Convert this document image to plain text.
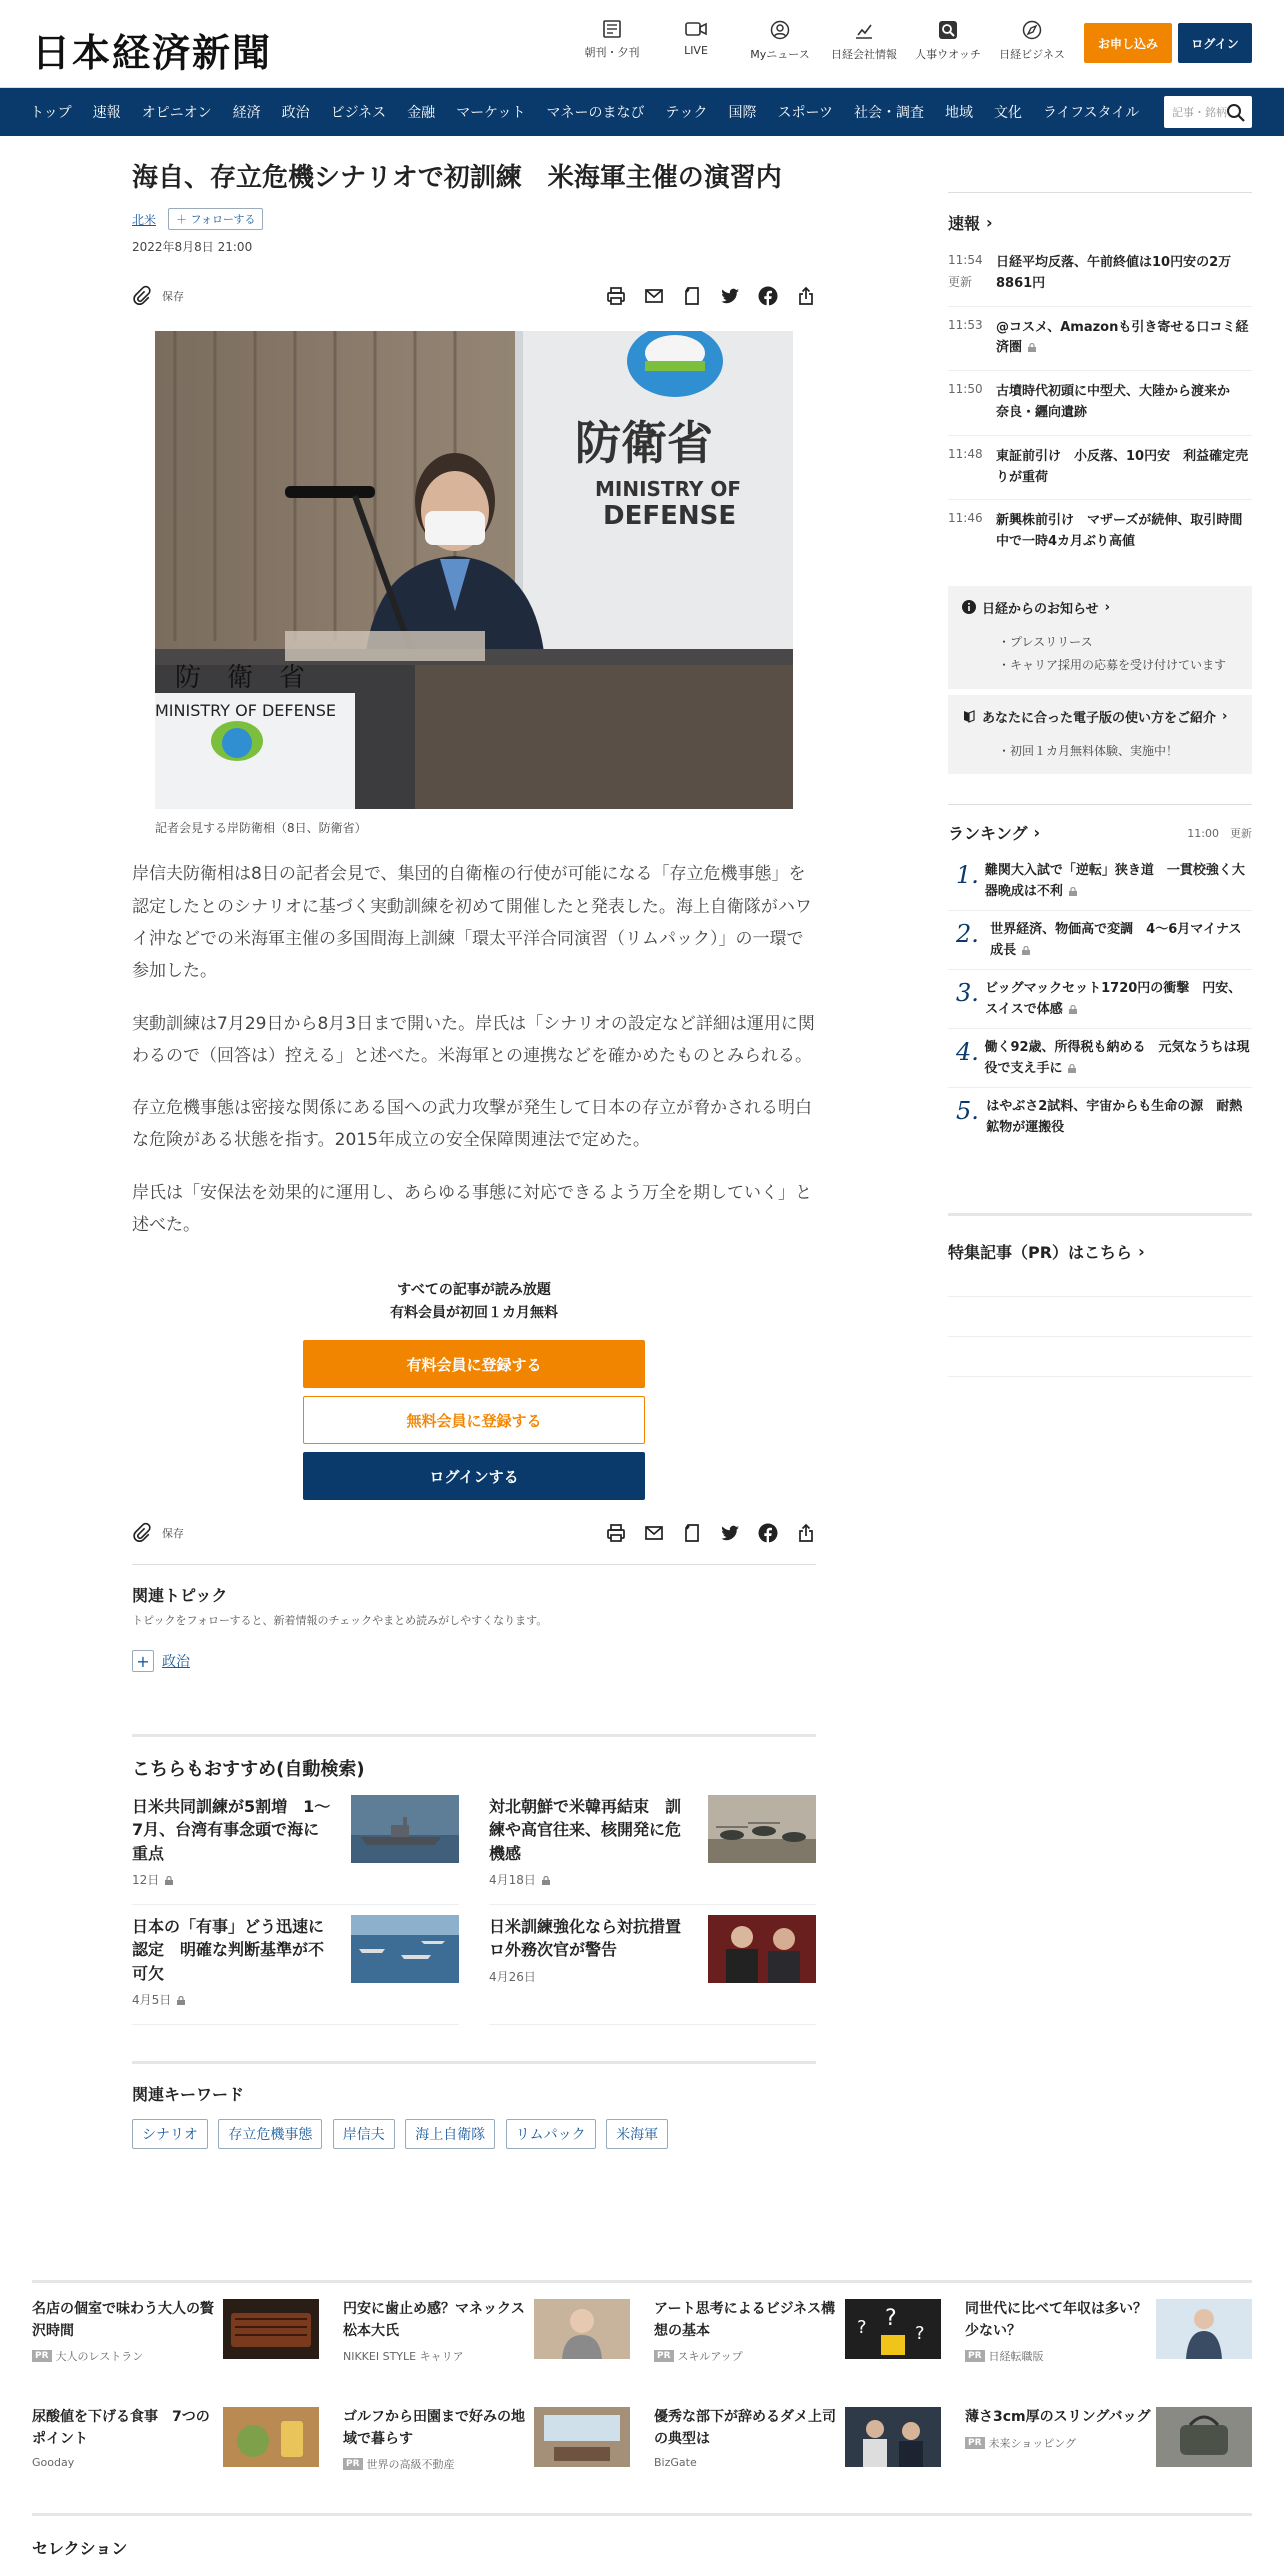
日本経済新聞	朝刊・夕刊	LIVE	Myニュース	日経会社情報	人事ウオッチ	日経ビジネス
お申し込み	ログイン
トップ 速報 オピニオン 経済 政治 ビジネス 金融 マーケット マネーのまなび テック 国際 スポーツ 社会・調査 地域 文化 ライフスタイル	記事・銘柄
海自、存立危機シナリオで初訓練　米海軍主催の演習内
北米	＋ フォローする
2022年8月8日 21:00
保存
防衛省
MINISTRY OF
DEFENSE
防　衛　省
MINISTRY OF DEFENSE
記者会見する岸防衛相（8日、防衛省）

岸信夫防衛相は8日の記者会見で、集団的自衛権の行使が可能になる「存立危機事態」を認定したとのシナリオに基づく実動訓練を初めて開催したと発表した。海上自衛隊がハワイ沖などでの米海軍主催の多国間海上訓練「環太平洋合同演習（リムパック）」の一環で参加した。

実動訓練は7月29日から8月3日まで開いた。岸氏は「シナリオの設定など詳細は運用に関わるので（回答は）控える」と述べた。米海軍との連携などを確かめたものとみられる。

存立危機事態は密接な関係にある国への武力攻撃が発生して日本の存立が脅かされる明白な危険がある状態を指す。2015年成立の安全保障関連法で定めた。

岸氏は「安保法を効果的に運用し、あらゆる事態に対応できるよう万全を期していく」と述べた。

すべての記事が読み放題
有料会員が初回１カ月無料
有料会員に登録する
無料会員に登録する
ログインする
保存
関連トピック
トピックをフォローすると、新着情報のチェックやまとめ読みがしやすくなります。
+ 政治
こちらもおすすめ(自動検索)
日米共同訓練が5割増　1～7月、台湾有事念頭で海に重点
12日
対北朝鮮で米韓再結束　訓練や高官往来、核開発に危機感
4月18日
日本の「有事」どう迅速に認定　明確な判断基準が不可欠
4月5日
日米訓練強化なら対抗措置　ロ外務次官が警告
4月26日
関連キーワード
シナリオ 存立危機事態 岸信夫 海上自衛隊 リムパック 米海軍
速報 ›
11:54
更新
日経平均反落、午前終値は10円安の2万8861円
11:53	@コスメ、Amazonも引き寄せる口コミ経済圏
11:50	古墳時代初頭に中型犬、大陸から渡来か　奈良・纒向遺跡
11:48	東証前引け　小反落、10円安　利益確定売りが重荷
11:46	新興株前引け　マザーズが続伸、取引時間中で一時4カ月ぶり高値
日経からのお知らせ ›
・プレスリリース
・キャリア採用の応募を受け付けています
あなたに合った電子版の使い方をご紹介 ›
・初回１カ月無料体験、実施中！
ランキング ›	11:00　 更新
1. 難関大入試で「逆転」狭き道　一貫校強く大器晩成は不利
2. 世界経済、物価高で変調　4～6月マイナス成長
3. ビッグマックセット1720円の衝撃　円安、スイスで体感
4. 働く92歳、所得税も納める　元気なうちは現役で支え手に
5. はやぶさ2試料、宇宙からも生命の源　耐熱鉱物が運搬役
特集記事（PR）はこちら ›
名店の個室で味わう大人の贅沢時間
PR 大人のレストラン
円安に歯止め感？マネックス松本大氏
NIKKEI STYLE キャリア
アート思考によるビジネス構想の基本
PR スキルアップ
? ?
?
同世代に比べて年収は多い？少ない？
PR 日経転職版
尿酸値を下げる食事　7つのポイント
Gooday
ゴルフから田園まで好みの地域で暮らす
PR 世界の高級不動産
優秀な部下が辞めるダメ上司の典型は
BizGate
薄さ3cm厚のスリングバッグ
PR 未来ショッピング
セレクション
